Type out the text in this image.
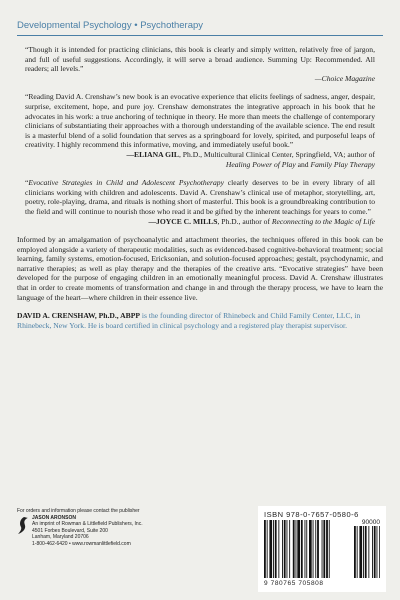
Developmental Psychology • Psychotherapy
“Though it is intended for practicing clinicians, this book is clearly and simply written, relatively free of jargon, and full of useful suggestions. Accordingly, it will serve a broad audience. Summing Up: Recommended. All readers; all levels.”
—Choice Magazine
“Reading David A. Crenshaw’s new book is an evocative experience that elicits feelings of sadness, anger, despair, surprise, excitement, hope, and pure joy. Crenshaw demonstrates the integrative approach in his book that he advocates in his work: a true anchoring of technique in theory. He more than meets the challenge of contemporary clinicians of substantiating their approaches with a thorough understanding of the available science. The end result is a masterful blend of a solid foundation that serves as a springboard for lovely, spirited, and purposeful leaps of creativity. I highly recommend this informative, moving, and immediately useful book.”
—ELIANA GIL, Ph.D., Multicultural Clinical Center, Springfield, VA; author of
Healing Power of Play and Family Play Therapy
“Evocative Strategies in Child and Adolescent Psychotherapy clearly deserves to be in every library of all clinicians working with children and adolescents. David A. Crenshaw’s clinical use of metaphor, storytelling, art, poetry, role-playing, drama, and rituals is nothing short of masterful. This book is a groundbreaking contribution to the field and will continue to nourish those who read it and be gifted by the inherent teachings for years to come.”
—JOYCE C. MILLS, Ph.D., author of Reconnecting to the Magic of Life

Informed by an amalgamation of psychoanalytic and attachment theories, the techniques offered in this book can be employed alongside a variety of therapeutic modalities, such as evidenced-based cognitive-behavioral treatment; social learning, family systems, emotion-focused, Ericksonian, and solution-focused approaches; gestalt, psychodynamic, and narrative therapies; as well as play therapy and the therapies of the creative arts. “Evocative strategies” have been developed for the purpose of engaging children in an emotionally meaningful process. David A. Crenshaw illustrates that in order to create moments of transformation and change in and through the therapy process, we have to learn the language of the heart—where children in their essence live.

DAVID A. CRENSHAW, Ph.D., ABPP is the founding director of Rhinebeck and Child Family Center, LLC, in Rhinebeck, New York. He is board certified in clinical psychology and a registered play therapist supervisor.

For orders and information please contact the publisher
JASON ARONSON
An imprint of Rowman & Littlefield Publishers, Inc.
4501 Forbes Boulevard, Suite 200
Lanham, Maryland 20706
1-800-462-6420 • www.rowmanlittlefield.com
ISBN 978-0-7657-0580-6
90000
9 780765 705808
